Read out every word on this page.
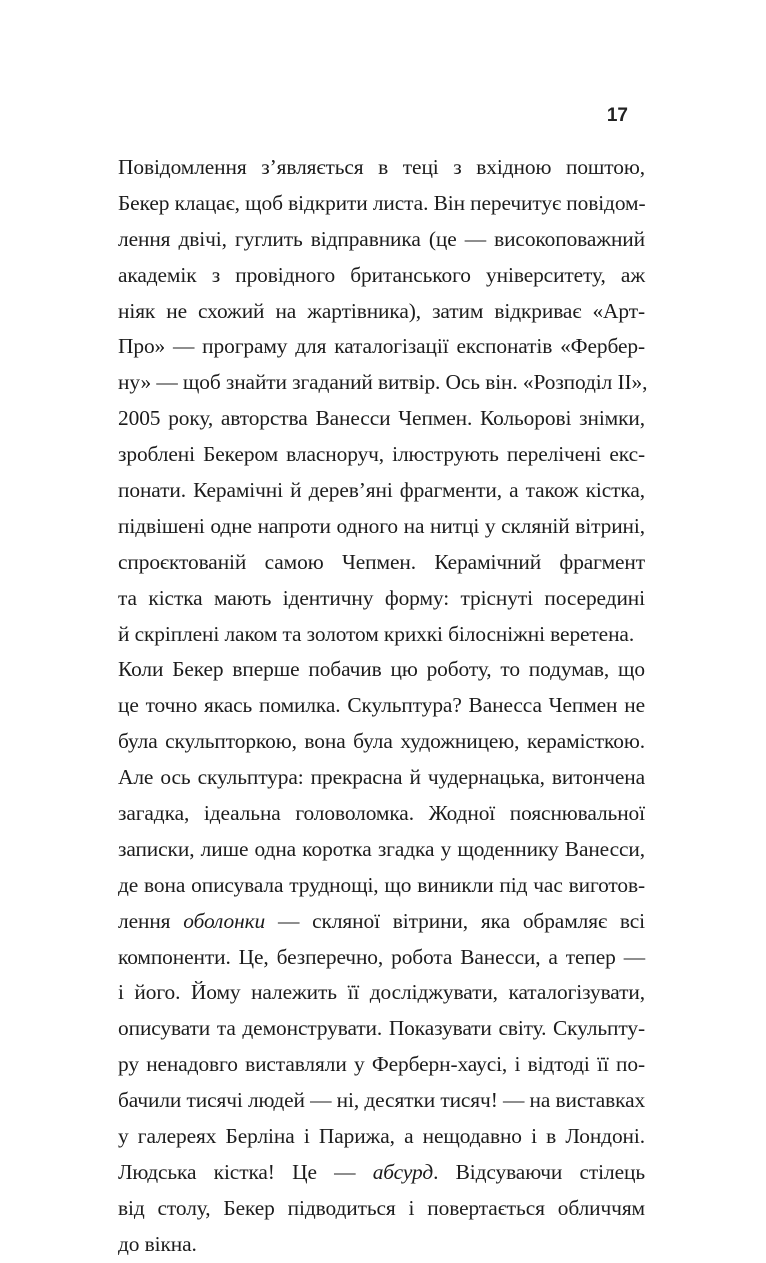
17
Повідомлення з’являється в теці з вхідною поштою,
Бекер клацає, щоб відкрити листа. Він перечитує повідом-
лення двічі, гуглить відправника (це — високоповажний
академік з провідного британського університету, аж
ніяк не схожий на жартівника), затим відкриває «Арт-
Про» — програму для каталогізації експонатів «Фербер-
ну» — щоб знайти згаданий витвір. Ось він. «Розподіл ІІ»,
2005 року, авторства Ванесси Чепмен. Кольорові знімки,
зроблені Бекером власноруч, ілюструють перелічені екс-
понати. Керамічні й дерев’яні фрагменти, а також кістка,
підвішені одне напроти одного на нитці у скляній вітрині,
спроєктованій самою Чепмен. Керамічний фрагмент
та кістка мають ідентичну форму: тріснуті посередині
й скріплені лаком та золотом крихкі білосніжні веретена.
Коли Бекер вперше побачив цю роботу, то подумав, що
це точно якась помилка. Скульптура? Ванесса Чепмен не
була скульпторкою, вона була художницею, керамісткою.
Але ось скульптура: прекрасна й чудернацька, витончена
загадка, ідеальна головоломка. Жодної пояснювальної
записки, лише одна коротка згадка у щоденнику Ванесси,
де вона описувала труднощі, що виникли під час виготов-
лення оболонки — скляної вітрини, яка обрамляє всі
компоненти. Це, безперечно, робота Ванесси, а тепер —
і його. Йому належить її досліджувати, каталогізувати,
описувати та демонструвати. Показувати світу. Скульпту-
ру ненадовго виставляли у Ферберн-хаусі, і відтоді її по-
бачили тисячі людей — ні, десятки тисяч! — на виставках
у галереях Берліна і Парижа, а нещодавно і в Лондоні.
Людська кістка! Це — абсурд. Відсуваючи стілець
від столу, Бекер підводиться і повертається обличчям
до вікна.
